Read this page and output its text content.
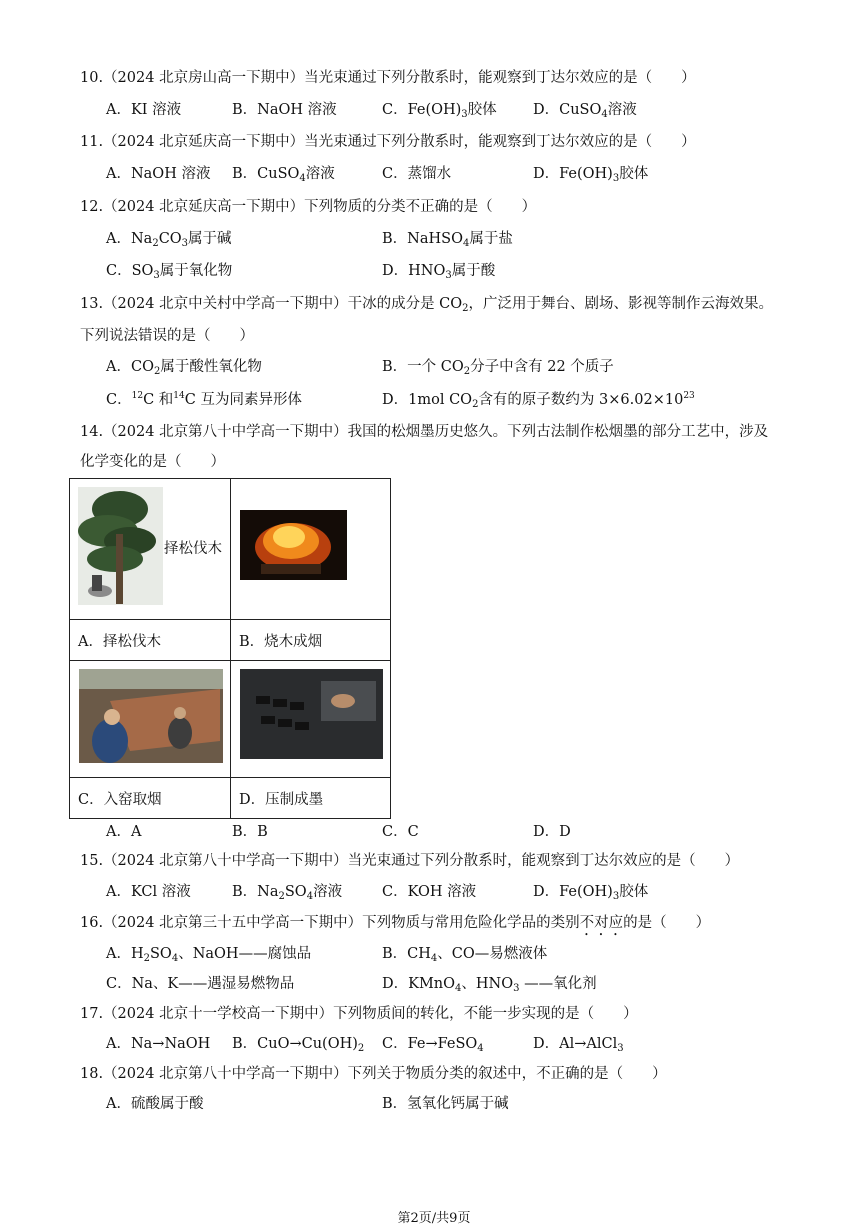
10.（2024 北京房山高一下期中）当光束通过下列分散系时，能观察到丁达尔效应的是（　　）
A．KI 溶液	B．NaOH 溶液	C．$Fe(OH)_3$胶体	D．CuSO$_4$溶液
11.（2024 北京延庆高一下期中）当光束通过下列分散系时，能观察到丁达尔效应的是（　　）
A．NaOH 溶液 B．CuSO$_4$溶液	C．蒸馏水	D．$Fe(OH)_3$胶体
12.（2024 北京延庆高一下期中）下列物质的分类不正确的是（　　）
A．$Na_2CO_3$属于碱	B．NaHSO$_4$属于盐
C．$SO_3$属于氧化物	D．$HNO_3$属于酸
13.（2024 北京中关村中学高一下期中）干冰的成分是 $CO_2$，广泛用于舞台、剧场、影视等制作云海效果。
下列说法错误的是（　　）
A．$CO_2$属于酸性氧化物	B．一个 $CO_2$分子中含有 22 个质子
C．$^{12}$C 和$^{14}$C 互为同素异形体	D．1mol $CO_2$含有的原子数约为 $3\times 6.02\times 10^{23}$
14.（2024 北京第八十中学高一下期中）我国的松烟墨历史悠久。下列古法制作松烟墨的部分工艺中，涉及
化学变化的是（　　）
择松伐木

A．择松伐木	B．烧木成烟

C．入窑取烟	D．压制成墨
A．A	B．B	C．C	D．D
15.（2024 北京第八十中学高一下期中）当光束通过下列分散系时，能观察到丁达尔效应的是（　　）
A．KCl 溶液	B．$Na_2SO_4$溶液	C．KOH 溶液	D．$Fe(OH)_3$胶体
16.（2024 北京第三十五中学高一下期中）下列物质与常用危险化学品的类别不对应的是（　　）
A．$H_2SO_4$、NaOH——腐蚀品	B．$CH_4$、CO—易燃液体
C．Na、K——遇湿易燃物品	D．KMnO$_4$、$HNO_3$ ——氧化剂
17.（2024 北京十一学校高一下期中）下列物质间的转化，不能一步实现的是（　　）
A．Na→NaOH B．$CuO\to Cu(OH)_2$ C．Fe→FeSO$_4$	D．Al→AlCl$_3$
18.（2024 北京第八十中学高一下期中）下列关于物质分类的叙述中，不正确的是（　　）
A．硫酸属于酸	B．氢氧化钙属于碱
第2页/共9页
